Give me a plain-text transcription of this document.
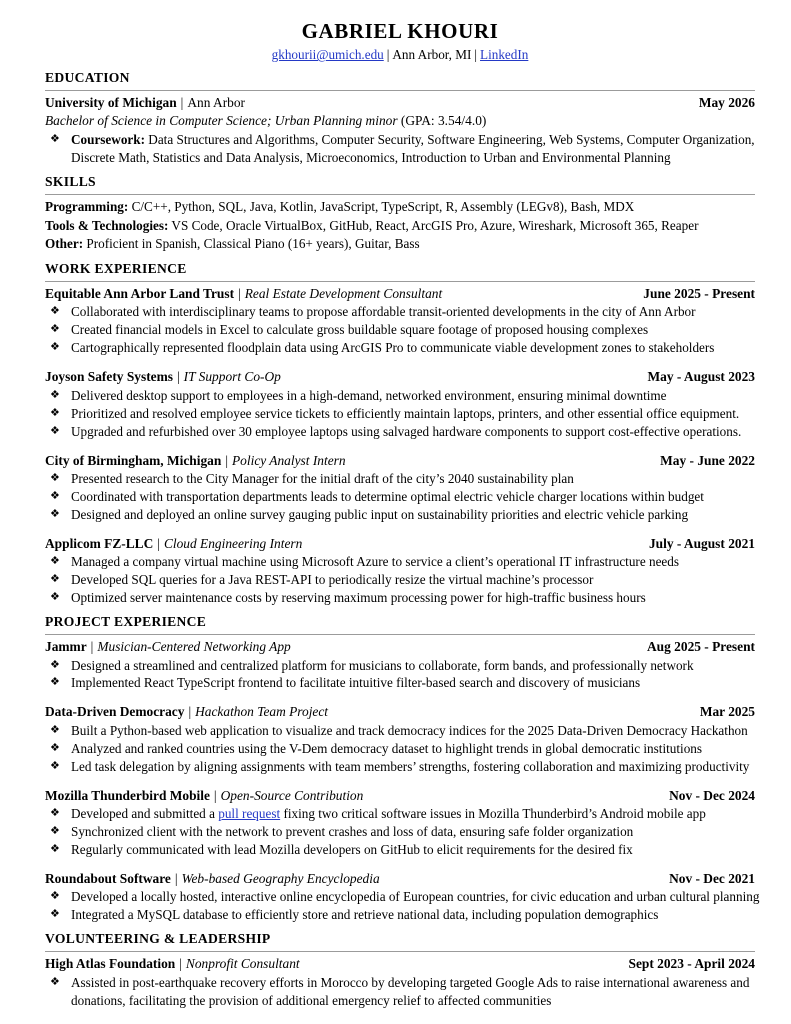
GABRIEL KHOURI
gkhourii@umich.edu | Ann Arbor, MI | LinkedIn
EDUCATION
University of Michigan | Ann Arbor	May 2026
Bachelor of Science in Computer Science; Urban Planning minor (GPA: 3.54/4.0)
❖ Coursework: Data Structures and Algorithms, Computer Security, Software Engineering, Web Systems, Computer Organization, Discrete Math, Statistics and Data Analysis, Microeconomics, Introduction to Urban and Environmental Planning
SKILLS
Programming: C/C++, Python, SQL, Java, Kotlin, JavaScript, TypeScript, R, Assembly (LEGv8), Bash, MDX
Tools & Technologies: VS Code, Oracle VirtualBox, GitHub, React, ArcGIS Pro, Azure, Wireshark, Microsoft 365, Reaper
Other: Proficient in Spanish, Classical Piano (16+ years), Guitar, Bass
WORK EXPERIENCE
Equitable Ann Arbor Land Trust | Real Estate Development Consultant	June 2025 - Present
❖ Collaborated with interdisciplinary teams to propose affordable transit-oriented developments in the city of Ann Arbor
❖ Created financial models in Excel to calculate gross buildable square footage of proposed housing complexes
❖ Cartographically represented floodplain data using ArcGIS Pro to communicate viable development zones to stakeholders
Joyson Safety Systems | IT Support Co-Op	May - August 2023
❖ Delivered desktop support to employees in a high-demand, networked environment, ensuring minimal downtime
❖ Prioritized and resolved employee service tickets to efficiently maintain laptops, printers, and other essential office equipment.
❖ Upgraded and refurbished over 30 employee laptops using salvaged hardware components to support cost-effective operations.
City of Birmingham, Michigan | Policy Analyst Intern	May - June 2022
❖ Presented research to the City Manager for the initial draft of the city’s 2040 sustainability plan
❖ Coordinated with transportation departments leads to determine optimal electric vehicle charger locations within budget
❖ Designed and deployed an online survey gauging public input on sustainability priorities and electric vehicle parking
Applicom FZ-LLC | Cloud Engineering Intern	July - August 2021
❖ Managed a company virtual machine using Microsoft Azure to service a client’s operational IT infrastructure needs
❖ Developed SQL queries for a Java REST-API to periodically resize the virtual machine’s processor
❖ Optimized server maintenance costs by reserving maximum processing power for high-traffic business hours
PROJECT EXPERIENCE
Jammr | Musician-Centered Networking App	Aug 2025 - Present
❖ Designed a streamlined and centralized platform for musicians to collaborate, form bands, and professionally network
❖ Implemented React TypeScript frontend to facilitate intuitive filter-based search and discovery of musicians
Data-Driven Democracy | Hackathon Team Project	Mar 2025
❖ Built a Python-based web application to visualize and track democracy indices for the 2025 Data-Driven Democracy Hackathon
❖ Analyzed and ranked countries using the V-Dem democracy dataset to highlight trends in global democratic institutions
❖ Led task delegation by aligning assignments with team members’ strengths, fostering collaboration and maximizing productivity
Mozilla Thunderbird Mobile | Open-Source Contribution	Nov - Dec 2024
❖ Developed and submitted a pull request fixing two critical software issues in Mozilla Thunderbird’s Android mobile app
❖ Synchronized client with the network to prevent crashes and loss of data, ensuring safe folder organization
❖ Regularly communicated with lead Mozilla developers on GitHub to elicit requirements for the desired fix
Roundabout Software | Web-based Geography Encyclopedia	Nov - Dec 2021
❖ Developed a locally hosted, interactive online encyclopedia of European countries, for civic education and urban cultural planning
❖ Integrated a MySQL database to efficiently store and retrieve national data, including population demographics
VOLUNTEERING & LEADERSHIP
High Atlas Foundation | Nonprofit Consultant	Sept 2023 - April 2024
❖ Assisted in post-earthquake recovery efforts in Morocco by developing targeted Google Ads to raise international awareness and donations, facilitating the provision of additional emergency relief to affected communities
